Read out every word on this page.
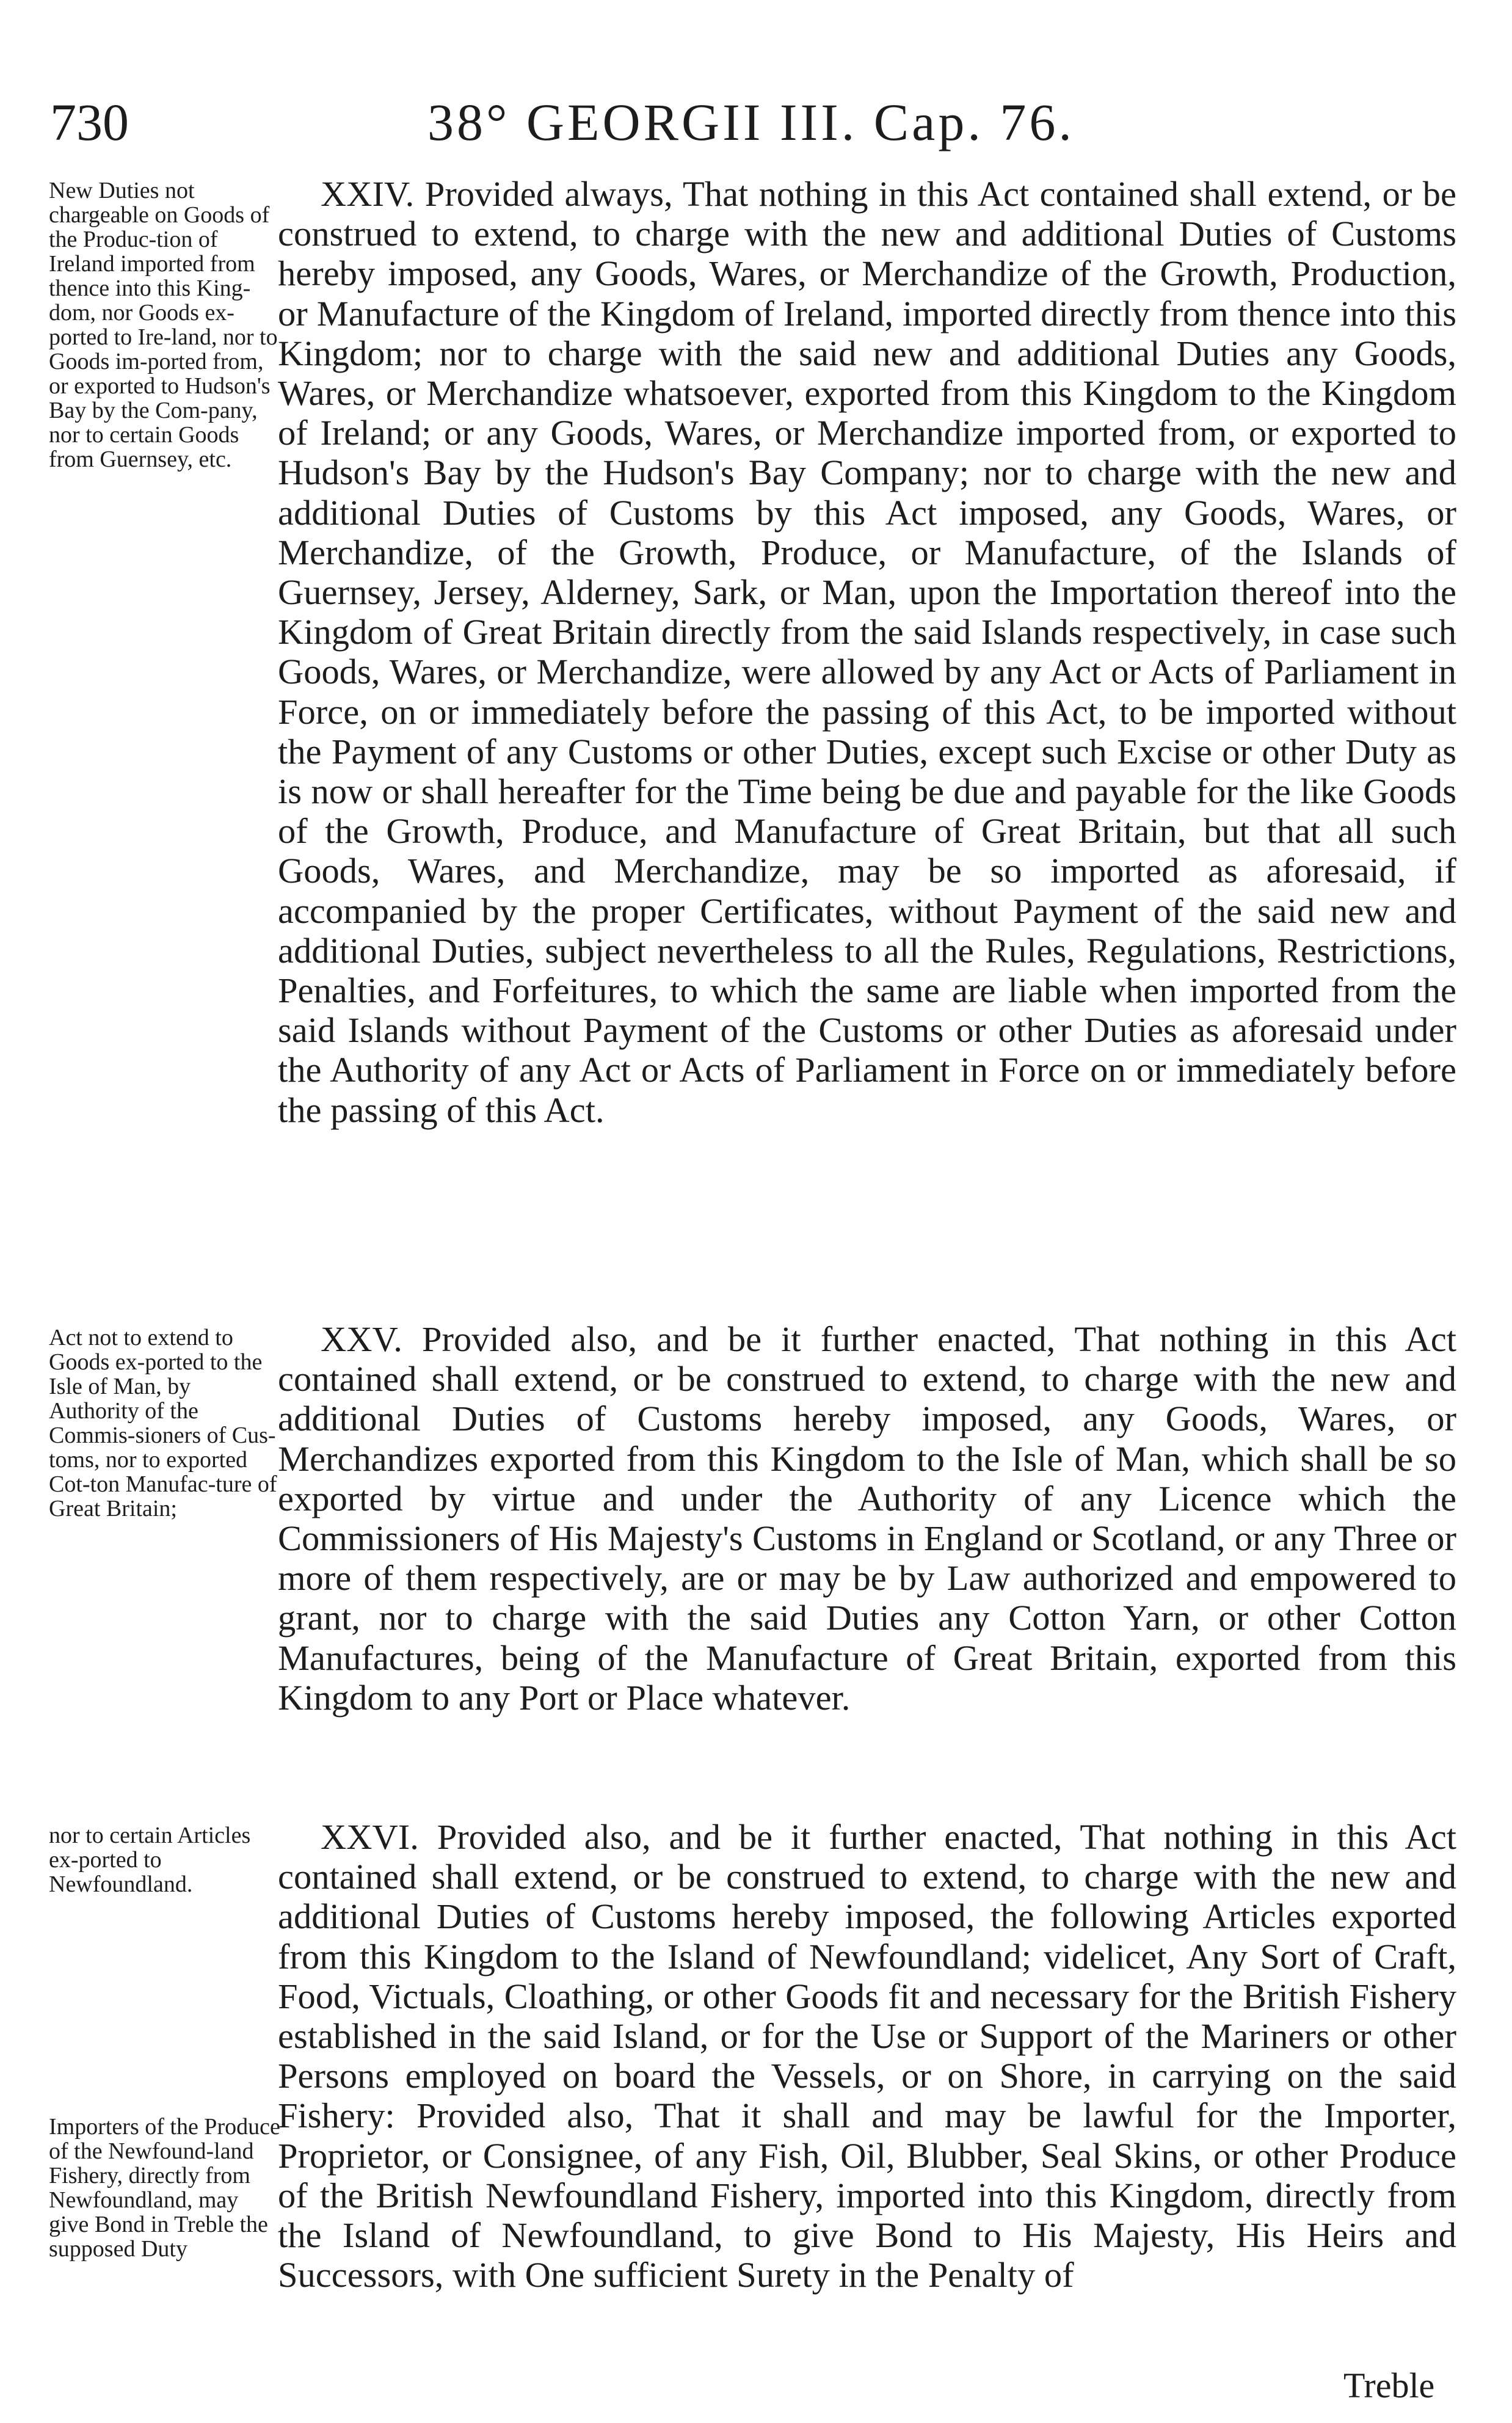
730	38° GEORGII III. Cap. 76.
New Duties not chargeable on Goods of the Produc-tion of Ireland imported from thence into this King-dom, nor Goods ex-ported to Ire-land, nor to Goods im-ported from, or exported to Hudson's Bay by the Com-pany, nor to certain Goods from Guernsey, etc.
Act not to extend to Goods ex-ported to the Isle of Man, by Authority of the Commis-sioners of Cus-toms, nor to exported Cot-ton Manufac-ture of Great Britain;
nor to certain Articles ex-ported to Newfoundland.
Importers of the Produce of the Newfound-land Fishery, directly from Newfoundland, may give Bond in Treble the supposed Duty

XXIV. Provided always, That nothing in this Act contained shall extend, or be construed to extend, to charge with the new and additional Duties of Customs hereby imposed, any Goods, Wares, or Merchandize of the Growth, Production, or Manufacture of the Kingdom of Ireland, imported directly from thence into this Kingdom; nor to charge with the said new and additional Duties any Goods, Wares, or Merchandize whatsoever, exported from this Kingdom to the Kingdom of Ireland; or any Goods, Wares, or Merchandize imported from, or exported to Hudson's Bay by the Hudson's Bay Company; nor to charge with the new and additional Duties of Customs by this Act imposed, any Goods, Wares, or Merchandize, of the Growth, Produce, or Manufacture, of the Islands of Guernsey, Jersey, Alderney, Sark, or Man, upon the Importation thereof into the Kingdom of Great Britain directly from the said Islands respectively, in case such Goods, Wares, or Merchandize, were allowed by any Act or Acts of Parliament in Force, on or immediately before the passing of this Act, to be imported without the Payment of any Customs or other Duties, except such Excise or other Duty as is now or shall hereafter for the Time being be due and payable for the like Goods of the Growth, Produce, and Manufacture of Great Britain, but that all such Goods, Wares, and Merchandize, may be so imported as aforesaid, if accompanied by the proper Certificates, without Payment of the said new and additional Duties, subject nevertheless to all the Rules, Regulations, Restrictions, Penalties, and Forfeitures, to which the same are liable when imported from the said Islands without Payment of the Customs or other Duties as aforesaid under the Authority of any Act or Acts of Parliament in Force on or immediately before the passing of this Act.

XXV. Provided also, and be it further enacted, That nothing in this Act contained shall extend, or be construed to extend, to charge with the new and additional Duties of Customs hereby imposed, any Goods, Wares, or Merchandizes exported from this Kingdom to the Isle of Man, which shall be so exported by virtue and under the Authority of any Licence which the Commissioners of His Majesty's Customs in England or Scotland, or any Three or more of them respectively, are or may be by Law authorized and empowered to grant, nor to charge with the said Duties any Cotton Yarn, or other Cotton Manufactures, being of the Manufacture of Great Britain, exported from this Kingdom to any Port or Place whatever.

XXVI. Provided also, and be it further enacted, That nothing in this Act contained shall extend, or be construed to extend, to charge with the new and additional Duties of Customs hereby imposed, the following Articles exported from this Kingdom to the Island of Newfoundland; videlicet, Any Sort of Craft, Food, Victuals, Cloathing, or other Goods fit and necessary for the British Fishery established in the said Island, or for the Use or Support of the Mariners or other Persons employed on board the Vessels, or on Shore, in carrying on the said Fishery: Provided also, That it shall and may be lawful for the Importer, Proprietor, or Consignee, of any Fish, Oil, Blubber, Seal Skins, or other Produce of the British Newfoundland Fishery, imported into this Kingdom, directly from the Island of Newfoundland, to give Bond to His Majesty, His Heirs and Successors, with One sufficient Surety in the Penalty of

Treble
